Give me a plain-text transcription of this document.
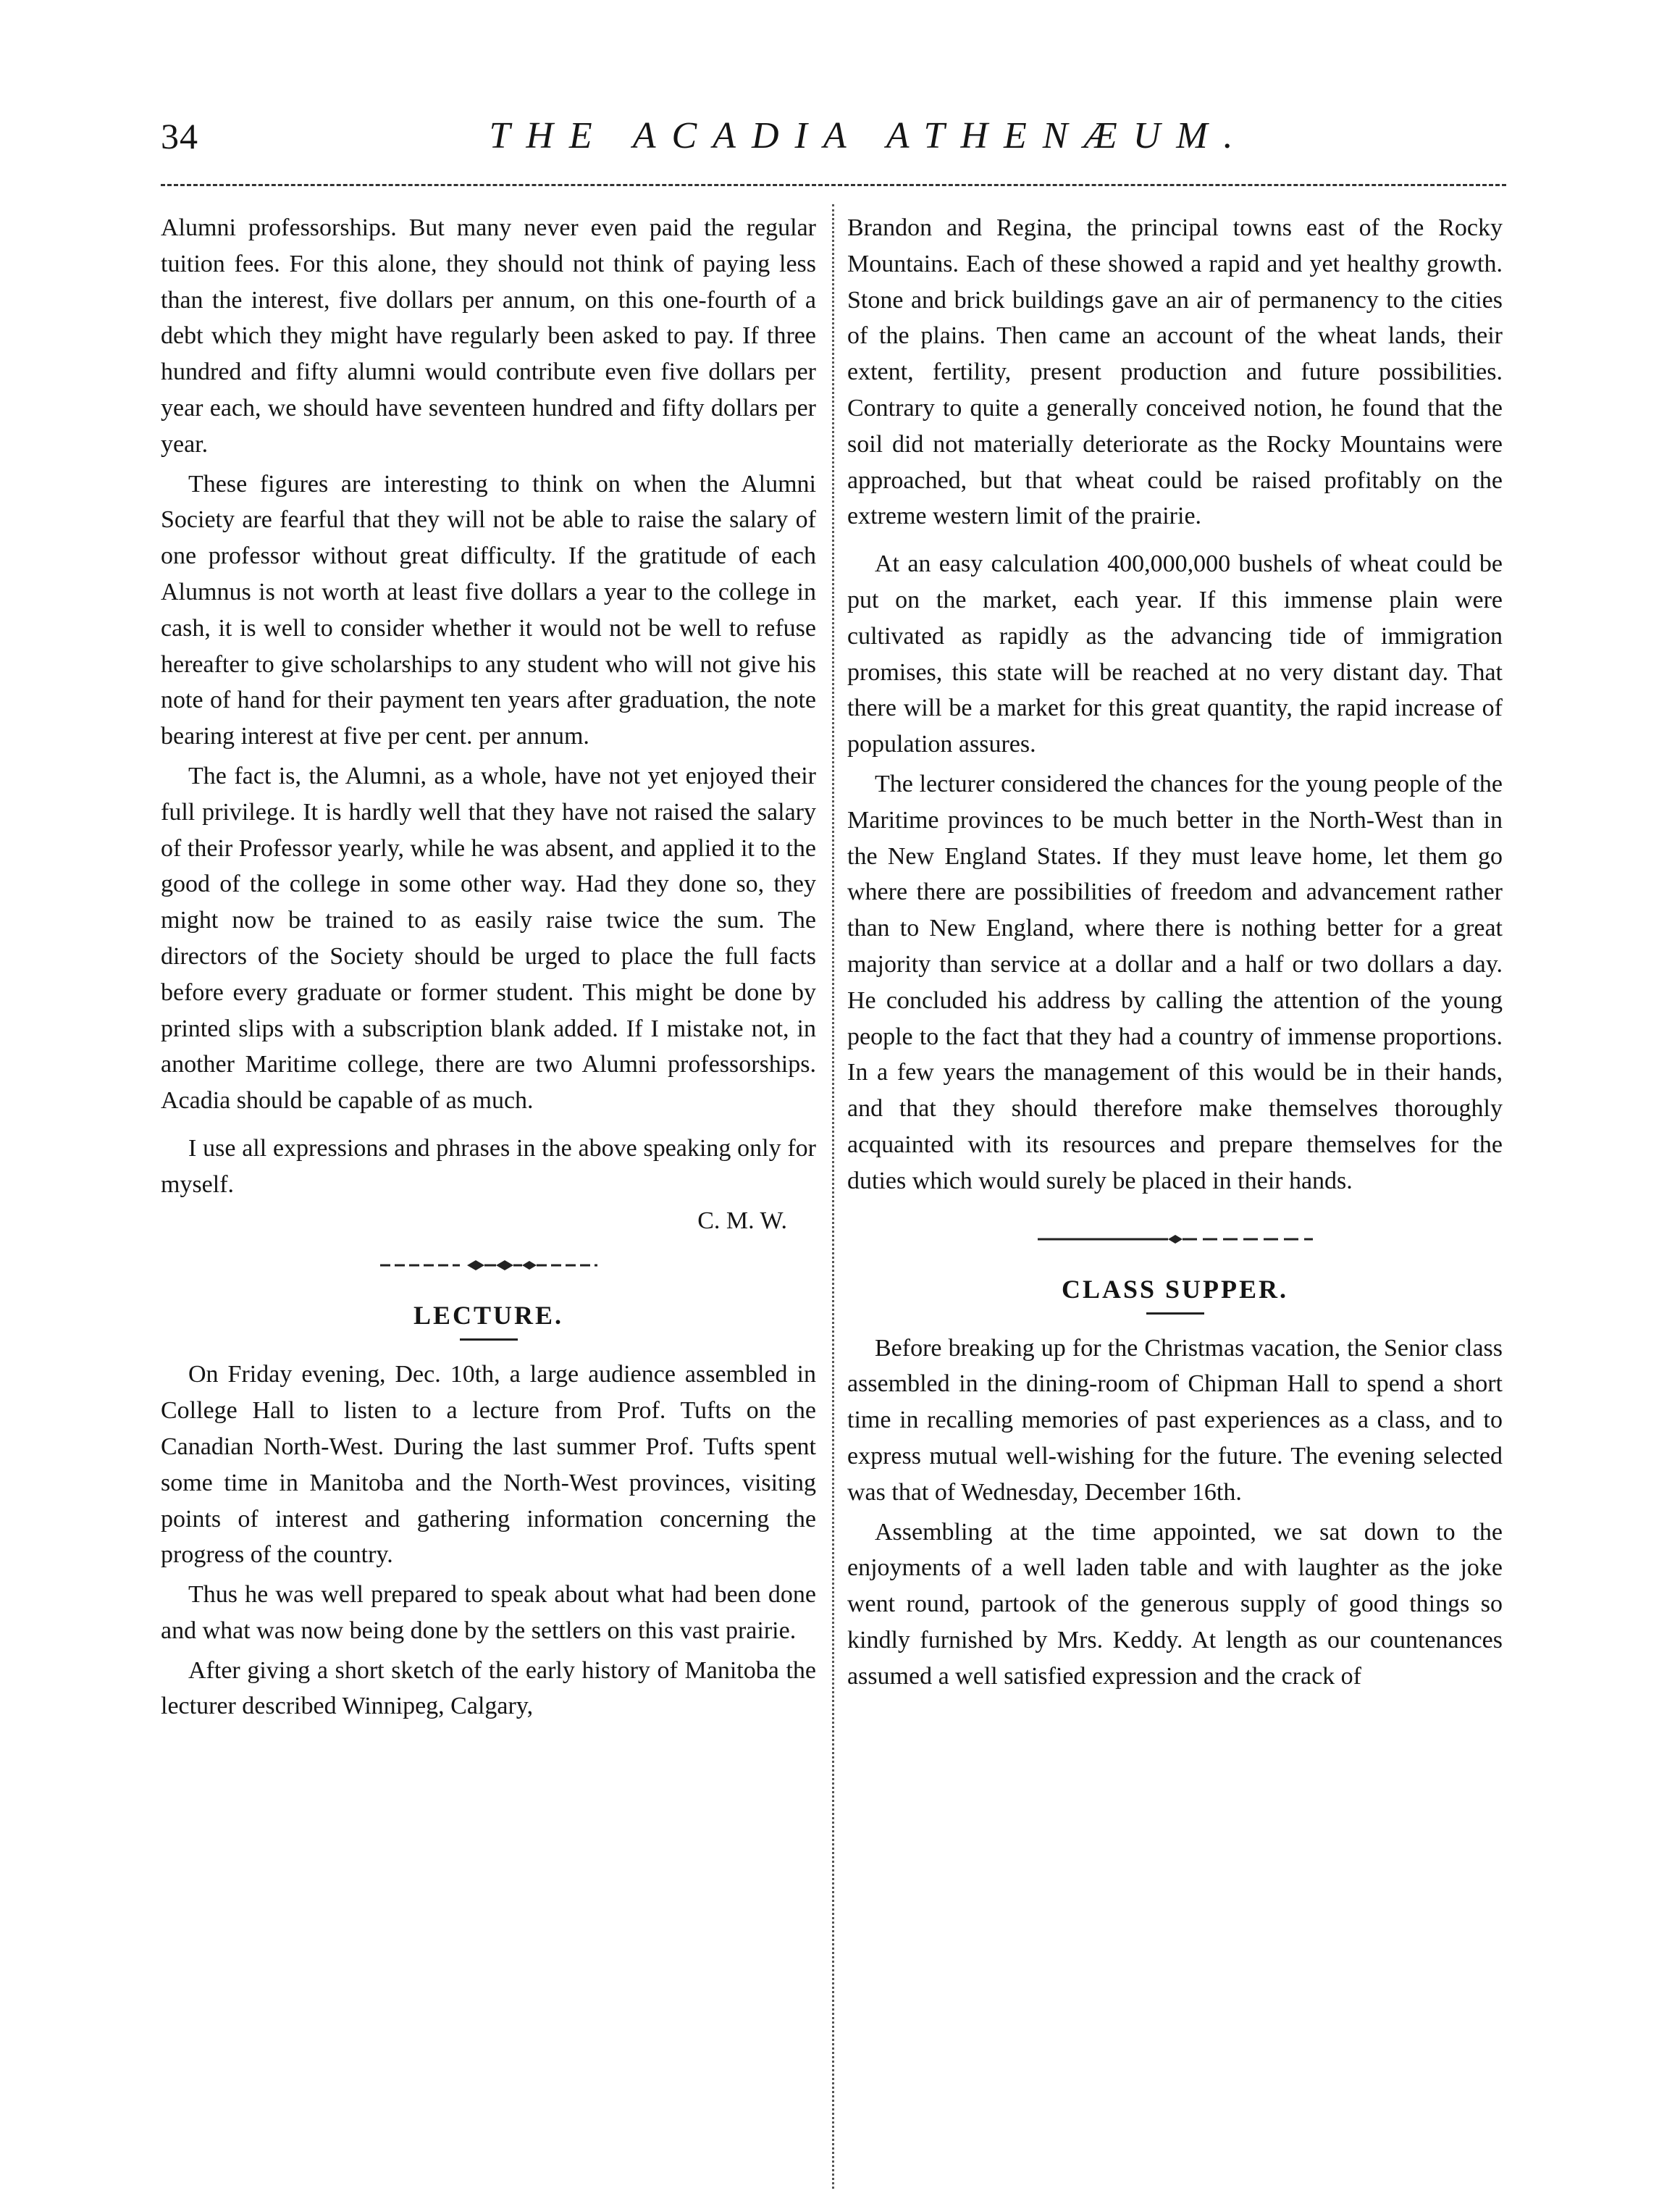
34	THE ACADIA ATHENÆUM.

Alumni professorships. But many never even paid the regular tuition fees. For this alone, they should not think of paying less than the interest, five dollars per annum, on this one-fourth of a debt which they might have regularly been asked to pay. If three hundred and fifty alumni would contribute even five dollars per year each, we should have seventeen hundred and fifty dollars per year.

These figures are interesting to think on when the Alumni Society are fearful that they will not be able to raise the salary of one professor without great difficulty. If the gratitude of each Alumnus is not worth at least five dollars a year to the college in cash, it is well to consider whether it would not be well to refuse hereafter to give scholarships to any student who will not give his note of hand for their payment ten years after graduation, the note bearing interest at five per cent. per annum.

The fact is, the Alumni, as a whole, have not yet enjoyed their full privilege. It is hardly well that they have not raised the salary of their Professor yearly, while he was absent, and applied it to the good of the college in some other way. Had they done so, they might now be trained to as easily raise twice the sum. The directors of the Society should be urged to place the full facts before every graduate or former student. This might be done by printed slips with a subscription blank added. If I mistake not, in another Maritime college, there are two Alumni professorships. Acadia should be capable of as much.

I use all expressions and phrases in the above speaking only for myself.

C. M. W.

LECTURE.

On Friday evening, Dec. 10th, a large audience assembled in College Hall to listen to a lecture from Prof. Tufts on the Canadian North-West. During the last summer Prof. Tufts spent some time in Manitoba and the North-West provinces, visiting points of interest and gathering information concerning the progress of the country.

Thus he was well prepared to speak about what had been done and what was now being done by the settlers on this vast prairie.

After giving a short sketch of the early history of Manitoba the lecturer described Winnipeg, Calgary,

Brandon and Regina, the principal towns east of the Rocky Mountains. Each of these showed a rapid and yet healthy growth. Stone and brick buildings gave an air of permanency to the cities of the plains. Then came an account of the wheat lands, their extent, fertility, present production and future possibilities. Contrary to quite a generally conceived notion, he found that the soil did not materially deteriorate as the Rocky Mountains were approached, but that wheat could be raised profitably on the extreme western limit of the prairie.

At an easy calculation 400,000,000 bushels of wheat could be put on the market, each year. If this immense plain were cultivated as rapidly as the advancing tide of immigration promises, this state will be reached at no very distant day. That there will be a market for this great quantity, the rapid increase of population assures.

The lecturer considered the chances for the young people of the Maritime provinces to be much better in the North-West than in the New England States. If they must leave home, let them go where there are possibilities of freedom and advancement rather than to New England, where there is nothing better for a great majority than service at a dollar and a half or two dollars a day. He concluded his address by calling the attention of the young people to the fact that they had a country of immense proportions. In a few years the management of this would be in their hands, and that they should therefore make themselves thoroughly acquainted with its resources and prepare themselves for the duties which would surely be placed in their hands.

CLASS SUPPER.

Before breaking up for the Christmas vacation, the Senior class assembled in the dining-room of Chipman Hall to spend a short time in recalling memories of past experiences as a class, and to express mutual well-wishing for the future. The evening selected was that of Wednesday, December 16th.

Assembling at the time appointed, we sat down to the enjoyments of a well laden table and with laughter as the joke went round, partook of the generous supply of good things so kindly furnished by Mrs. Keddy. At length as our countenances assumed a well satisfied expression and the crack of
